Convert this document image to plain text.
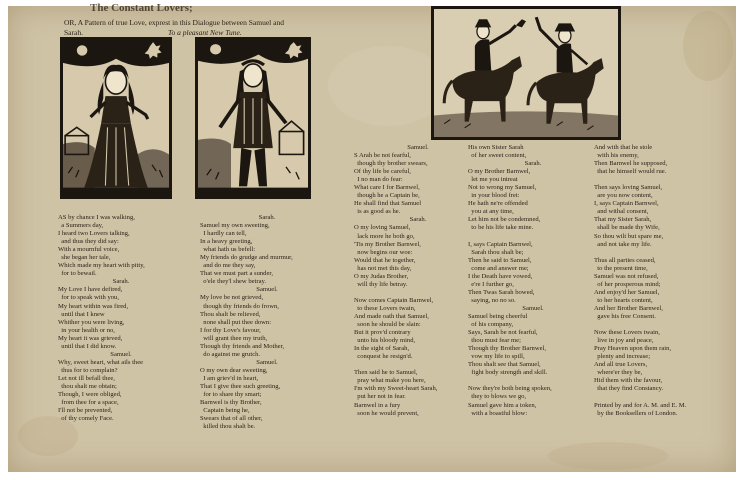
The Constant Lovers;
OR, A Pattern of true Love, exprest in this Dialogue between Samuel and
Sarah.	To a pleasant New Tune.
AS by chance I was walking,
a Summers day,
I heard two Lovers talking,
and thus they did say:
With a mournful voice,
she began her tale,
Which made my heart with pitty,
for to bewail.
Sarah.
My Love I have defired,
for to speak with you,
My heart within was fired,
until that I knew
Whither you were living,
in your health or no,
My heart it was grieved,
until that I did know.
Samuel.
Why, sweet heart, what ails thee
thus for to complain?
Let not ill befall thee,
thou shalt me obtain;
Though, I were obliged,
from thee for a space,
I'll not be prevented,
of thy comely Face.
Sarah.
Samuel my own sweeting,
I hardly can tell,
In a heavy greeting,
what hath us befell:
My friends do grudge and murmur,
and do me they say,
That we must part a sunder,
o'ele they'l shew betray.
Samuel.
My love be not grieved,
though thy friends do frown,
Thou shalt be relieved,
none shall put thee down:
I for thy Love's favour,
will grant thee my truth,
Though thy friends and Mother,
do against me grutch.
Samuel.
O my own dear sweeting,
I am griev'd in heart,
That I give thee such greeting,
for to share thy smart;
Barnwel is thy Brother,
Captain being he,
Swears that of all other,
killed thou shalt be.
Samuel.
S Arah be not fearful,
though thy brother swears,
Of thy life be careful,
I no man do fear:
What care I for Barnwel,
though he a Captain be,
He shall find that Samuel
is as good as he.
Sarah.
O my loving Samuel,
lack more he both go,
'Tis my Brother Barnwel,
now begins our woe:
Would that he together,
has not met this day,
O my Judas Brother,
will thy life betray.
Now comes Captain Barnwel,
to these Lovers twain,
And made oath that Samuel,
soon he should be slain:
But it prov'd contrary
unto his bloody mind,
In the sight of Sarah,
conquest he resign'd.
Then said he to Samuel,
pray what make you here,
I'm with my Sweet-heart Sarah,
put her not in fear.
Barnwel in a fury
soon he would prevent,
His own Sister Sarah
of her sweet content,
Sarah.
O my Brother Barnwel,
let me you intreat
Not to wrong my Samuel,
in your blood fret:
He hath ne're offended
you at any time,
Let him not be condemned,
to be his life take mine.
I, says Captain Barnwel,
Sarah thou shalt be;
Then he said to Samuel,
come and answer me;
I the Death have vowed,
e're I further go,
Then Twas Sarah bowed,
saying, no no so.
Samuel.
Samuel being cheerful
of his company,
Says, Sarah be not fearful,
thou must fear me;
Though thy Brother Barnwel,
vow my life to spill,
Thou shalt see that Samuel,
fight body strength and skill.
Now they're both being spoken,
they to blows we go,
Samuel gave him a token,
with a boastful blow:
And with that he stole
with his enemy,
Then Barnwel he supposed,
that he himself would rue.
Then says loving Samuel,
are you now content,
I, says Captain Barnwel,
and withal consent,
That my Sister Sarah,
shall be made thy Wife,
So thou wilt but spare me,
and not take my life.
Thus all parties ceased,
to the present time,
Samuel was not refused,
of her prosperous mind;
And enjoy'd her Samuel,
to her hearts content,
And her Brother Barnwel,
gave his free Consent.
Now these Lovers twain,
live in joy and peace,
Pray Heaven upon them rain,
plenty and increase;
And all true Lovers,
where'er they be,
Hid them with the favour,
that they find Constancy.
Printed by and for A. M. and E. M.
by the Booksellers of London.
